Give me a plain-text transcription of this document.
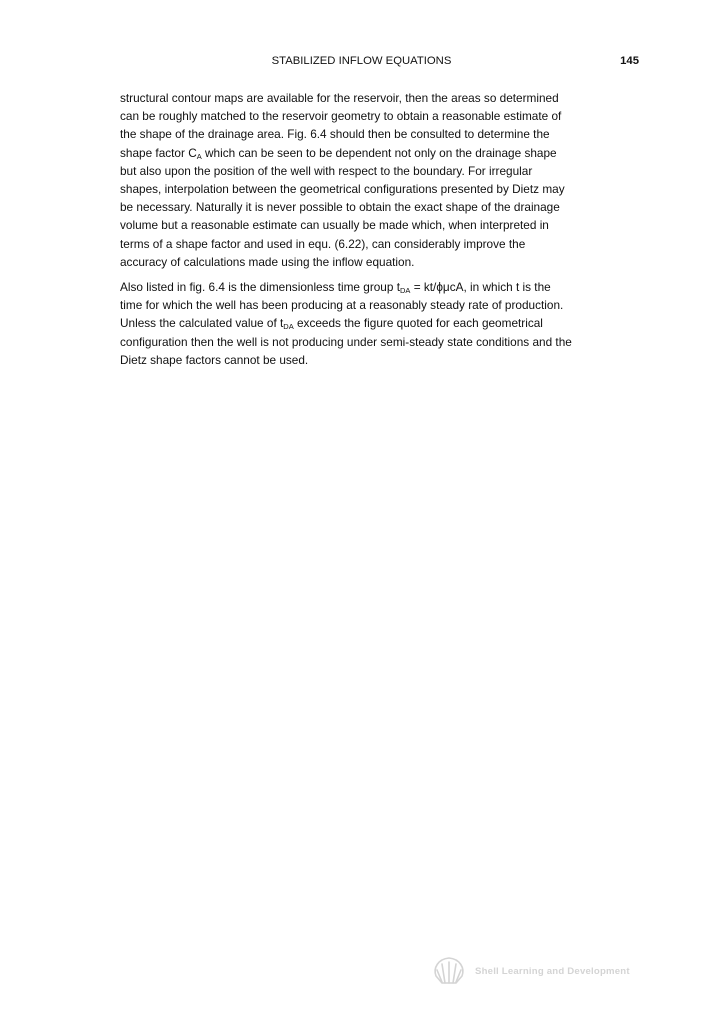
STABILIZED INFLOW EQUATIONS	145

structural contour maps are available for the reservoir, then the areas so determined
can be roughly matched to the reservoir geometry to obtain a reasonable estimate of
the shape of the drainage area. Fig. 6.4 should then be consulted to determine the
shape factor $C_A$ which can be seen to be dependent not only on the drainage shape
but also upon the position of the well with respect to the boundary. For irregular
shapes, interpolation between the geometrical configurations presented by Dietz may
be necessary. Naturally it is never possible to obtain the exact shape of the drainage
volume but a reasonable estimate can usually be made which, when interpreted in
terms of a shape factor and used in equ. (6.22), can considerably improve the
accuracy of calculations made using the inflow equation.

Also listed in fig. 6.4 is the dimensionless time group $t_{DA} = kt/\phi\mu cA$, in which t is the
time for which the well has been producing at a reasonably steady rate of production.
Unless the calculated value of $t_{DA}$ exceeds the figure quoted for each geometrical
configuration then the well is not producing under semi-steady state conditions and the
Dietz shape factors cannot be used.

Shell Learning and Development
